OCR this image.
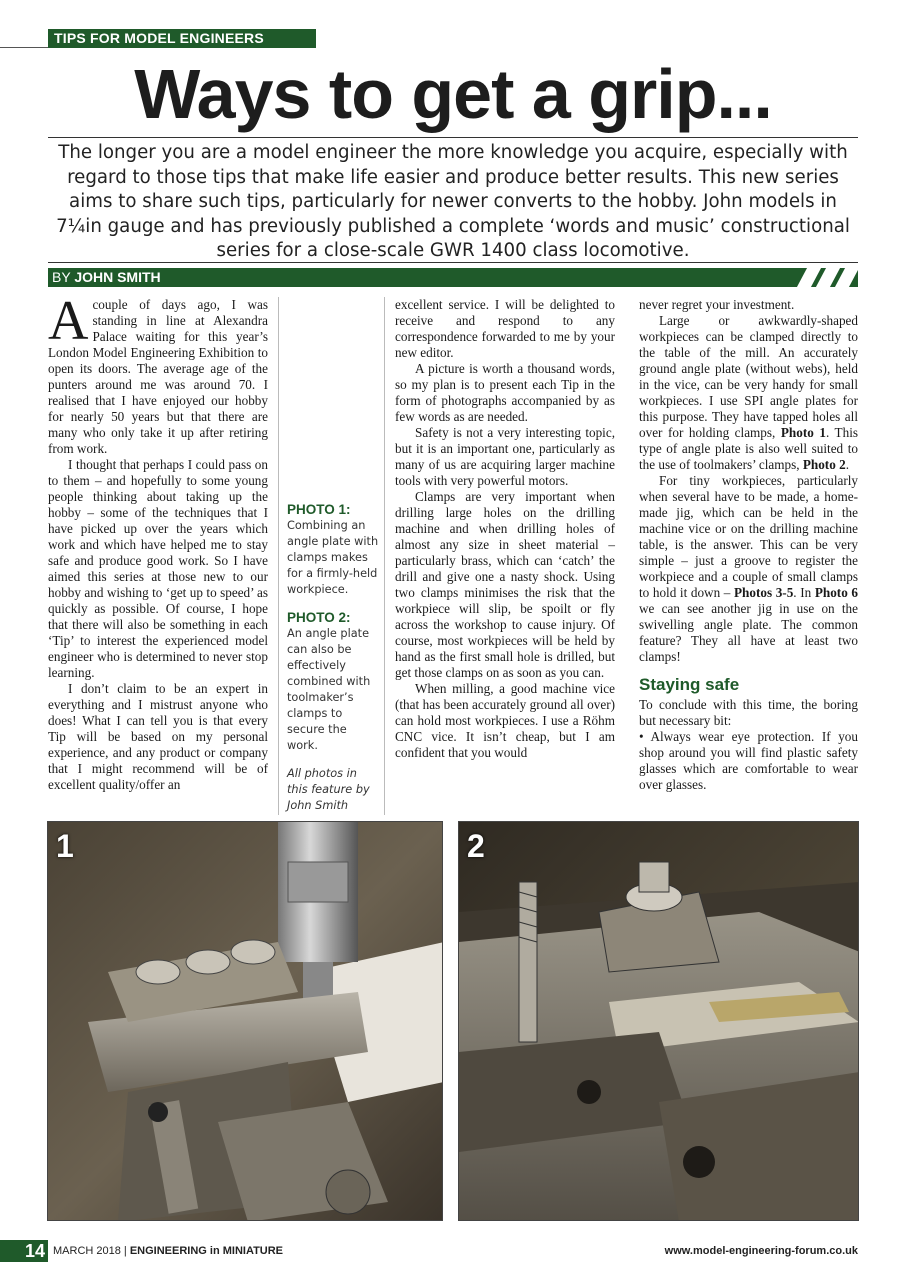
TIPS FOR MODEL ENGINEERS
Ways to get a grip...

The longer you are a model engineer the more knowledge you acquire, especially with regard to those tips that make life easier and produce better results. This new series aims to share such tips, particularly for newer converts to the hobby. John models in 7¼in gauge and has previously published a complete ‘words and music’ constructional series for a close-scale GWR 1400 class locomotive.

BY JOHN SMITH

Acouple of days ago, I was standing in line at Alexandra Palace waiting for this year’s London Model Engineering Exhibition to open its doors. The average age of the punters around me was around 70. I realised that I have enjoyed our hobby for nearly 50 years but that there are many who only take it up after retiring from work.

I thought that perhaps I could pass on to them – and hopefully to some young people thinking about taking up the hobby – some of the techniques that I have picked up over the years which work and which have helped me to stay safe and produce good work. So I have aimed this series at those new to our hobby and wishing to ‘get up to speed’ as quickly as possible. Of course, I hope that there will also be something in each ‘Tip’ to interest the experienced model engineer who is determined to never stop learning.

I don’t claim to be an expert in everything and I mistrust anyone who does! What I can tell you is that every Tip will be based on my personal experience, and any product or company that I might recommend will be of excellent quality/offer an

PHOTO 1:
Combining an angle plate with clamps makes for a firmly-held workpiece.
PHOTO 2:
An angle plate can also be effectively combined with toolmaker’s clamps to secure the work.
All photos in this feature by John Smith

excellent service. I will be delighted to receive and respond to any correspondence forwarded to me by your new editor.

A picture is worth a thousand words, so my plan is to present each Tip in the form of photographs accompanied by as few words as are needed.

Safety is not a very interesting topic, but it is an important one, particularly as many of us are acquiring larger machine tools with very powerful motors.

Clamps are very important when drilling large holes on the drilling machine and when drilling holes of almost any size in sheet material – particularly brass, which can ‘catch’ the drill and give one a nasty shock. Using two clamps minimises the risk that the workpiece will slip, be spoilt or fly across the workshop to cause injury. Of course, most workpieces will be held by hand as the first small hole is drilled, but get those clamps on as soon as you can.

When milling, a good machine vice (that has been accurately ground all over) can hold most workpieces. I use a Röhm CNC vice. It isn’t cheap, but I am confident that you would

never regret your investment.

Large or awkwardly-shaped workpieces can be clamped directly to the table of the mill. An accurately ground angle plate (without webs), held in the vice, can be very handy for small workpieces. I use SPI angle plates for this purpose. They have tapped holes all over for holding clamps, Photo 1. This type of angle plate is also well suited to the use of toolmakers’ clamps, Photo 2.

For tiny workpieces, particularly when several have to be made, a home-made jig, which can be held in the machine vice or on the drilling machine table, is the answer. This can be very simple – just a groove to register the workpiece and a couple of small clamps to hold it down – Photos 3-5. In Photo 6 we can see another jig in use on the swivelling angle plate. The common feature? They all have at least two clamps!

Staying safe

To conclude with this time, the boring but necessary bit:

• Always wear eye protection. If you shop around you will find plastic safety glasses which are comfortable to wear over glasses.

1	2
14 MARCH 2018 | ENGINEERING in MINIATURE	www.model-engineering-forum.co.uk
